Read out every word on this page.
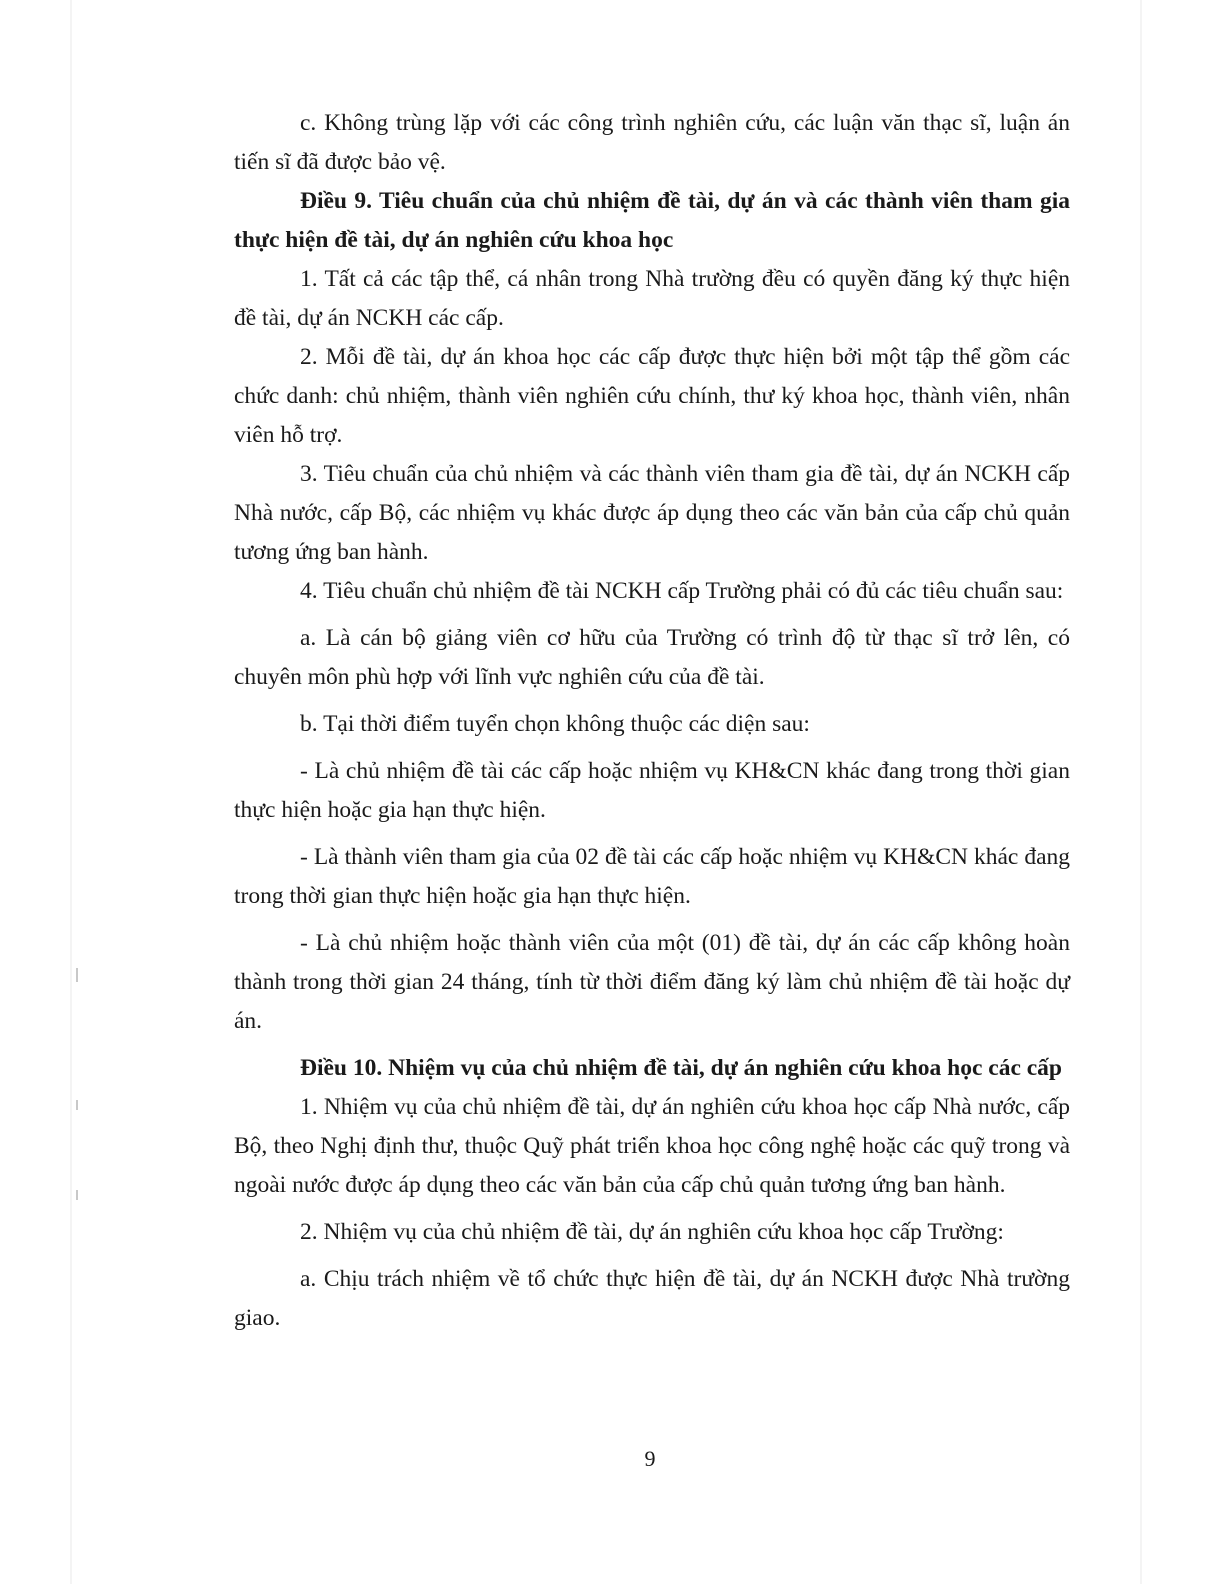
c. Không trùng lặp với các công trình nghiên cứu, các luận văn thạc sĩ, luận án tiến sĩ đã được bảo vệ.

Điều 9. Tiêu chuẩn của chủ nhiệm đề tài, dự án và các thành viên tham gia thực hiện đề tài, dự án nghiên cứu khoa học

1. Tất cả các tập thể, cá nhân trong Nhà trường đều có quyền đăng ký thực hiện đề tài, dự án NCKH các cấp.

2. Mỗi đề tài, dự án khoa học các cấp được thực hiện bởi một tập thể gồm các chức danh: chủ nhiệm, thành viên nghiên cứu chính, thư ký khoa học, thành viên, nhân viên hỗ trợ.

3. Tiêu chuẩn của chủ nhiệm và các thành viên tham gia đề tài, dự án NCKH cấp Nhà nước, cấp Bộ, các nhiệm vụ khác được áp dụng theo các văn bản của cấp chủ quản tương ứng ban hành.

4. Tiêu chuẩn chủ nhiệm đề tài NCKH cấp Trường phải có đủ các tiêu chuẩn sau:

a. Là cán bộ giảng viên cơ hữu của Trường có trình độ từ thạc sĩ trở lên, có chuyên môn phù hợp với lĩnh vực nghiên cứu của đề tài.

b. Tại thời điểm tuyển chọn không thuộc các diện sau:

- Là chủ nhiệm đề tài các cấp hoặc nhiệm vụ KH&CN khác đang trong thời gian thực hiện hoặc gia hạn thực hiện.

- Là thành viên tham gia của 02 đề tài các cấp hoặc nhiệm vụ KH&CN khác đang trong thời gian thực hiện hoặc gia hạn thực hiện.

- Là chủ nhiệm hoặc thành viên của một (01) đề tài, dự án các cấp không hoàn thành trong thời gian 24 tháng, tính từ thời điểm đăng ký làm chủ nhiệm đề tài hoặc dự án.

Điều 10. Nhiệm vụ của chủ nhiệm đề tài, dự án nghiên cứu khoa học các cấp

1. Nhiệm vụ của chủ nhiệm đề tài, dự án nghiên cứu khoa học cấp Nhà nước, cấp Bộ, theo Nghị định thư, thuộc Quỹ phát triển khoa học công nghệ hoặc các quỹ trong và ngoài nước được áp dụng theo các văn bản của cấp chủ quản tương ứng ban hành.

2. Nhiệm vụ của chủ nhiệm đề tài, dự án nghiên cứu khoa học cấp Trường:

a. Chịu trách nhiệm về tổ chức thực hiện đề tài, dự án NCKH được Nhà trường giao.

9
